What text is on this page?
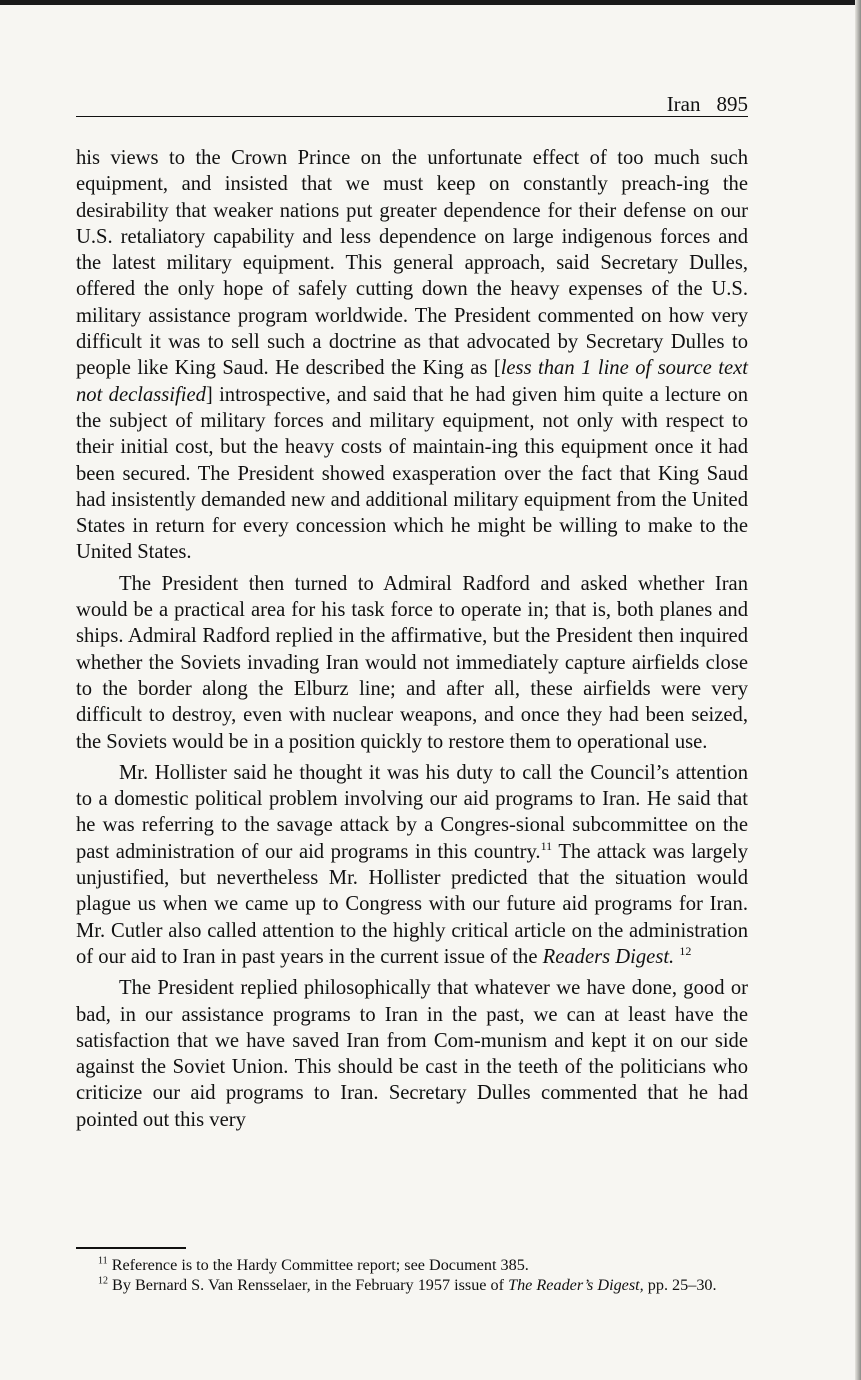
Iran 895

his views to the Crown Prince on the unfortunate effect of too much such equipment, and insisted that we must keep on constantly preach-ing the desirability that weaker nations put greater dependence for their defense on our U.S. retaliatory capability and less dependence on large indigenous forces and the latest military equipment. This general approach, said Secretary Dulles, offered the only hope of safely cutting down the heavy expenses of the U.S. military assistance program worldwide. The President commented on how very difficult it was to sell such a doctrine as that advocated by Secretary Dulles to people like King Saud. He described the King as [less than 1 line of source text not declassified] introspective, and said that he had given him quite a lecture on the subject of military forces and military equipment, not only with respect to their initial cost, but the heavy costs of maintain-ing this equipment once it had been secured. The President showed exasperation over the fact that King Saud had insistently demanded new and additional military equipment from the United States in return for every concession which he might be willing to make to the United States.

The President then turned to Admiral Radford and asked whether Iran would be a practical area for his task force to operate in; that is, both planes and ships. Admiral Radford replied in the affirmative, but the President then inquired whether the Soviets invading Iran would not immediately capture airfields close to the border along the Elburz line; and after all, these airfields were very difficult to destroy, even with nuclear weapons, and once they had been seized, the Soviets would be in a position quickly to restore them to operational use.

Mr. Hollister said he thought it was his duty to call the Council’s attention to a domestic political problem involving our aid programs to Iran. He said that he was referring to the savage attack by a Congres-sional subcommittee on the past administration of our aid programs in this country.$^{11}$ The attack was largely unjustified, but nevertheless Mr. Hollister predicted that the situation would plague us when we came up to Congress with our future aid programs for Iran. Mr. Cutler also called attention to the highly critical article on the administration of our aid to Iran in past years in the current issue of the Readers Digest. $^{12}$

The President replied philosophically that whatever we have done, good or bad, in our assistance programs to Iran in the past, we can at least have the satisfaction that we have saved Iran from Com-munism and kept it on our side against the Soviet Union. This should be cast in the teeth of the politicians who criticize our aid programs to Iran. Secretary Dulles commented that he had pointed out this very

$^{11}$ Reference is to the Hardy Committee report; see Document 385.

$^{12}$ By Bernard S. Van Rensselaer, in the February 1957 issue of The Reader’s Digest, pp. 25–30.
